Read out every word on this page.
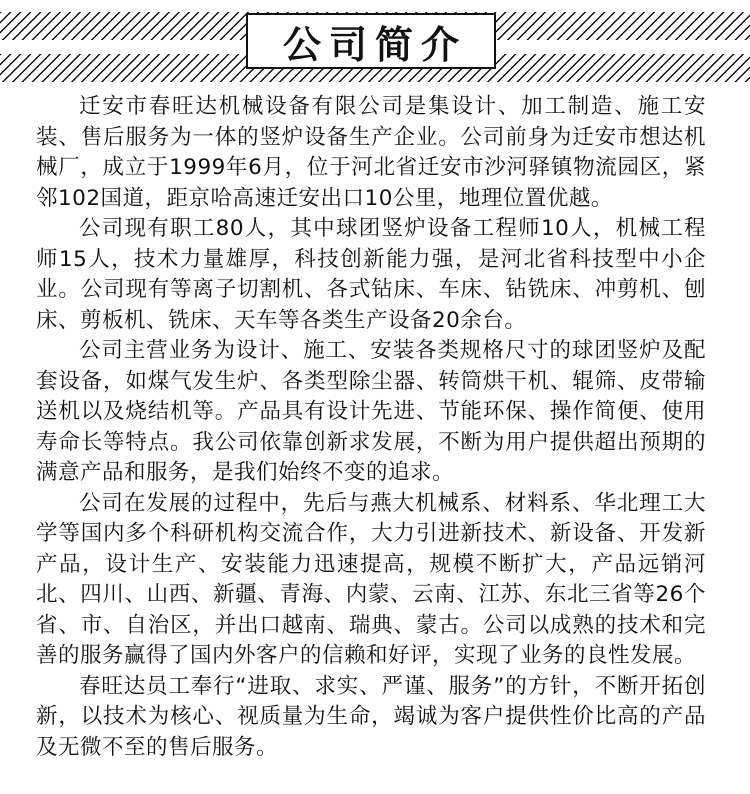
公司简介

迁安市春旺达机械设备有限公司是集设计、加工制造、施工安装、售后服务为一体的竖炉设备生产企业。公司前身为迁安市想达机械厂，成立于1999年6月，位于河北省迁安市沙河驿镇物流园区，紧邻102国道，距京哈高速迁安出口10公里，地理位置优越。

公司现有职工80人，其中球团竖炉设备工程师10人，机械工程师15人，技术力量雄厚，科技创新能力强，是河北省科技型中小企业。公司现有等离子切割机、各式钻床、车床、钻铣床、冲剪机、刨床、剪板机、铣床、天车等各类生产设备20余台。

公司主营业务为设计、施工、安装各类规格尺寸的球团竖炉及配套设备，如煤气发生炉、各类型除尘器、转筒烘干机、辊筛、皮带输送机以及烧结机等。产品具有设计先进、节能环保、操作简便、使用寿命长等特点。我公司依靠创新求发展，不断为用户提供超出预期的满意产品和服务，是我们始终不变的追求。

公司在发展的过程中，先后与燕大机械系、材料系、华北理工大学等国内多个科研机构交流合作，大力引进新技术、新设备、开发新产品，设计生产、安装能力迅速提高，规模不断扩大，产品远销河北、四川、山西、新疆、青海、内蒙、云南、江苏、东北三省等26个省、市、自治区，并出口越南、瑞典、蒙古。公司以成熟的技术和完善的服务赢得了国内外客户的信赖和好评，实现了业务的良性发展。

春旺达员工奉行“进取、求实、严谨、服务”的方针，不断开拓创新，以技术为核心、视质量为生命，竭诚为客户提供性价比高的产品及无微不至的售后服务。
